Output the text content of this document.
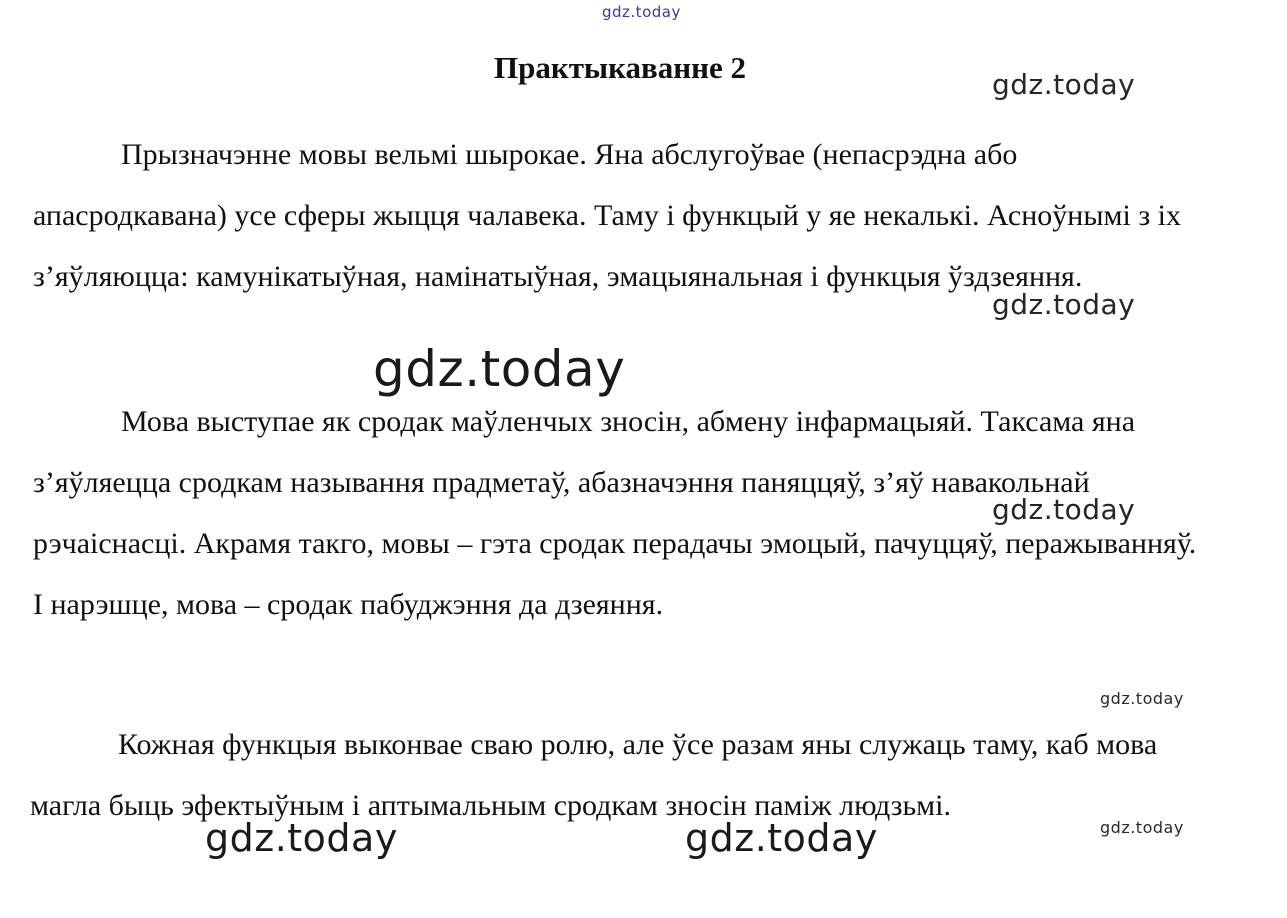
Практыкаванне 2

Прызначэнне мовы вельмі шырокае. Яна абслугоўвае (непасрэдна або апасродкавана) усе сферы жыцця чалавека. Таму і функцый у яе некалькі. Асноўнымі з іх з’яўляюцца: камунікатыўная, намінатыўная, эмацыянальная і функцыя ўздзеяння.

Мова выступае як сродак маўленчых зносін, абмену інфармацыяй. Таксама яна з’яўляецца сродкам называння прадметаў, абазначэння паняццяў, з’яў навакольнай рэчаіснасці. Акрамя такго, мовы – гэта сродак перадачы эмоцый, пачуццяў, перажыванняў. І нарэшце, мова – сродак пабуджэння да дзеяння.

Кожная функцыя выконвае сваю ролю, але ўсе разам яны служаць таму, каб мова магла быць эфектыўным і аптымальным сродкам зносін паміж людзьмі.

gdz.today
gdz.today
gdz.today
gdz.today
gdz.today
gdz.today
gdz.today
gdz.today	gdz.today
